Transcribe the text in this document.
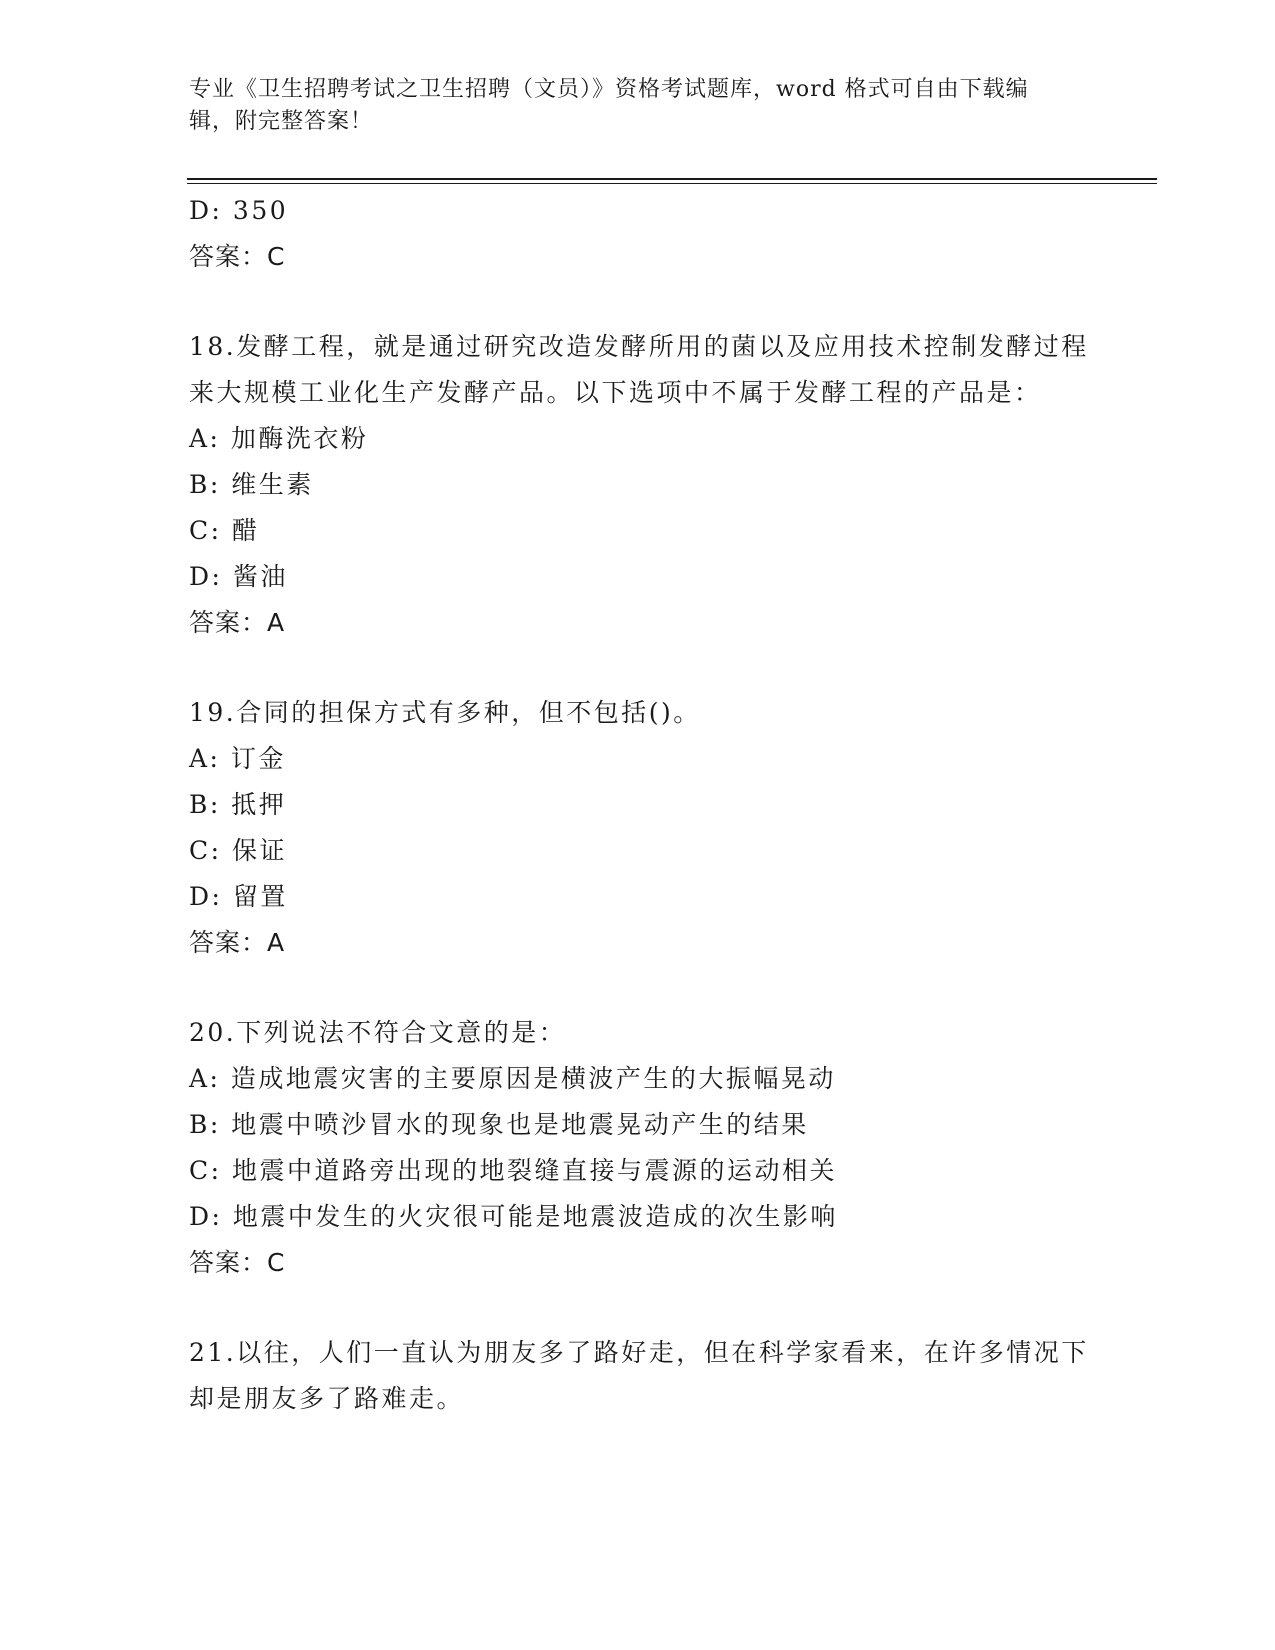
专业《卫生招聘考试之卫生招聘（文员）》资格考试题库，word 格式可自由下载编辑，附完整答案！
D: 350
答案：C
18.发酵工程，就是通过研究改造发酵所用的菌以及应用技术控制发酵过程来大规模工业化生产发酵产品。以下选项中不属于发酵工程的产品是：
A: 加酶洗衣粉
B: 维生素
C: 醋
D: 酱油
答案：A
19.合同的担保方式有多种，但不包括()。
A: 订金
B: 抵押
C: 保证
D: 留置
答案：A
20.下列说法不符合文意的是：
A: 造成地震灾害的主要原因是横波产生的大振幅晃动
B: 地震中喷沙冒水的现象也是地震晃动产生的结果
C: 地震中道路旁出现的地裂缝直接与震源的运动相关
D: 地震中发生的火灾很可能是地震波造成的次生影响
答案：C
21.以往，人们一直认为朋友多了路好走，但在科学家看来，在许多情况下却是朋友多了路难走。
